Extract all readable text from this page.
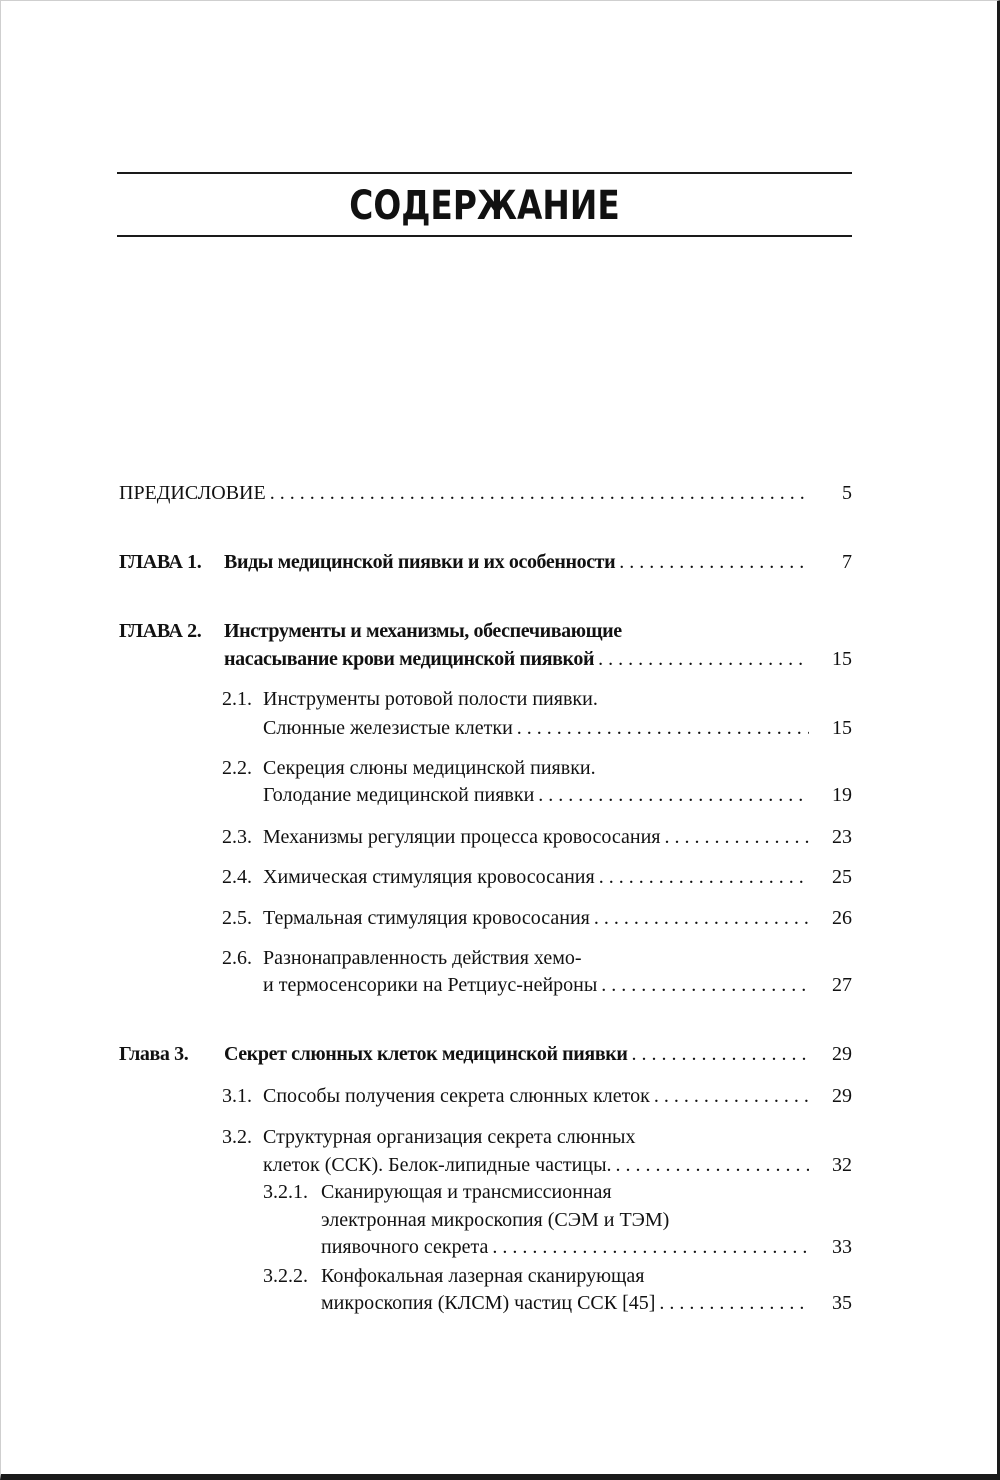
СОДЕРЖАНИЕ
ПРЕДИСЛОВИЕ . . .	5
ГЛАВА 1. Виды медицинской пиявки и их особенности . . .	7
ГЛАВА 2. Инструменты и механизмы, обеспечивающие
насасывание крови медицинской пиявкой . . .	15
2.1. Инструменты ротовой полости пиявки.
Слюнные железистые клетки . . .	15
2.2. Секреция слюны медицинской пиявки.
Голодание медицинской пиявки . . .	19
2.3. Механизмы регуляции процесса кровососания . . .	23
2.4. Химическая стимуляция кровососания . . .	25
2.5. Термальная стимуляция кровососания . . .	26
2.6. Разнонаправленность действия хемо-
и термосенсорики на Ретциус-нейроны . . .	27
Глава 3. Секрет слюнных клеток медицинской пиявки . . .	29
3.1. Способы получения секрета слюнных клеток . . .	29
3.2. Структурная организация секрета слюнных
клеток (ССК). Белок-липидные частицы. . . .	32
3.2.1. Сканирующая и трансмиссионная
электронная микроскопия (СЭМ и ТЭМ)
пиявочного секрета . . .	33
3.2.2. Конфокальная лазерная сканирующая
микроскопия (КЛСМ) частиц ССК [45] . . .	35
